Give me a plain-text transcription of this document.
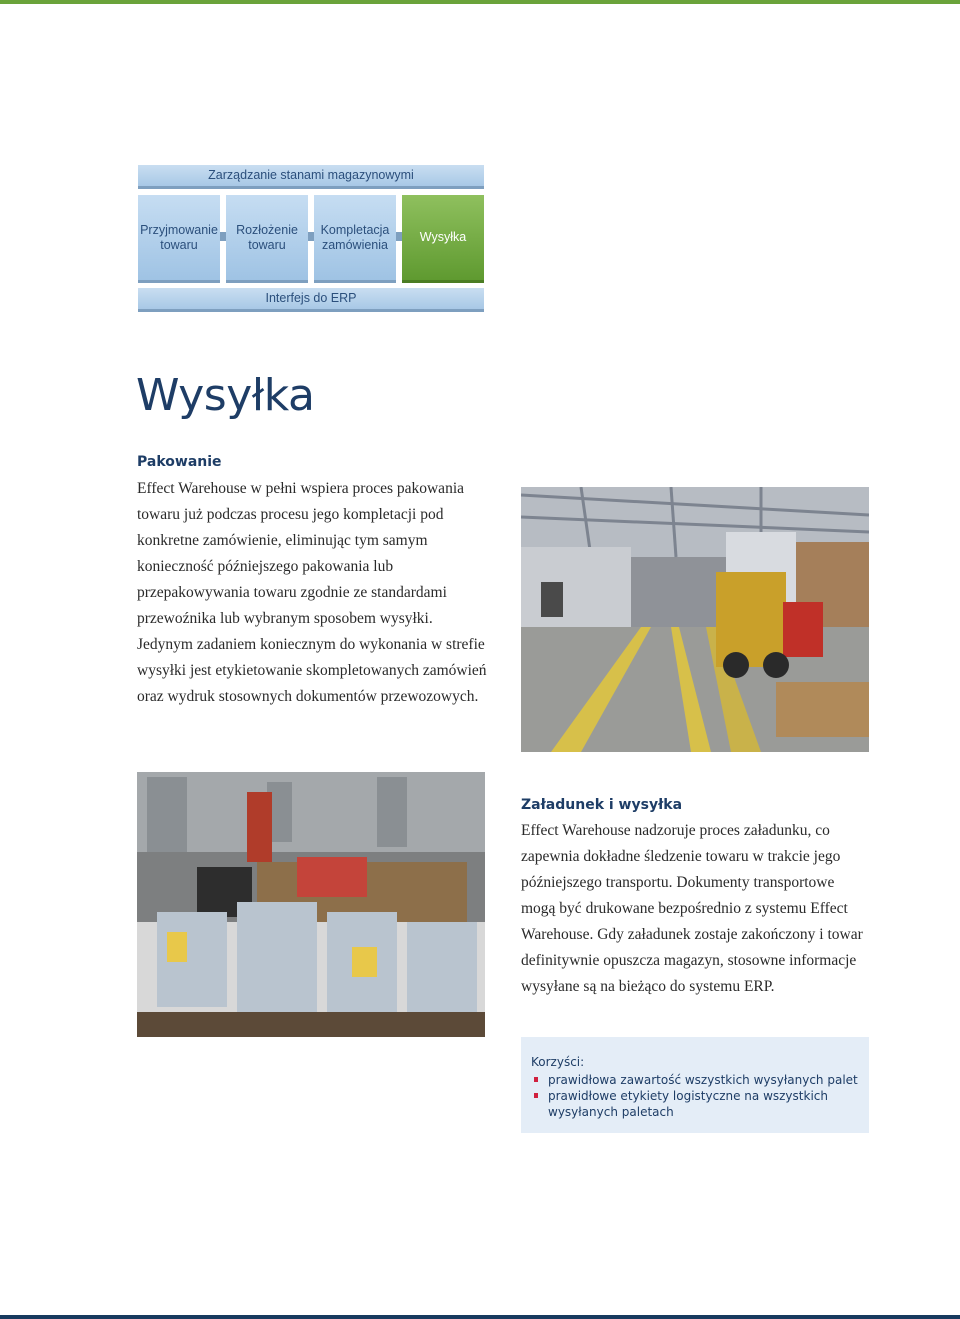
Zarządzanie stanami magazynowymi
Przyjmowanie towaru
Rozłożenie towaru
Kompletacja zamówienia
Wysyłka
Interfejs do ERP
Wysyłka
Pakowanie

Effect Warehouse w pełni wspiera proces pakowania towaru już podczas procesu jego kompletacji pod konkretne zamówienie, eliminując tym samym konieczność późniejszego pakowania lub przepakowywania towaru zgodnie ze standardami przewoźnika lub wybranym sposobem wysyłki. Jedynym zadaniem koniecznym do wykonania w strefie wysyłki jest etykietowanie skompletowanych zamówień oraz wydruk stosownych dokumentów przewozowych.

Załadunek i wysyłka

Effect Warehouse nadzoruje proces załadunku, co zapewnia dokładne śledzenie towaru w trakcie jego późniejszego transportu. Dokumenty transportowe mogą być drukowane bezpośrednio z systemu Effect Warehouse. Gdy załadunek zostaje zakończony i towar definitywnie opuszcza magazyn, stosowne informacje wysyłane są na bieżąco do systemu ERP.

Korzyści:
prawidłowa zawartość wszystkich wysyłanych palet
prawidłowe etykiety logistyczne na wszystkich wysyłanych paletach
